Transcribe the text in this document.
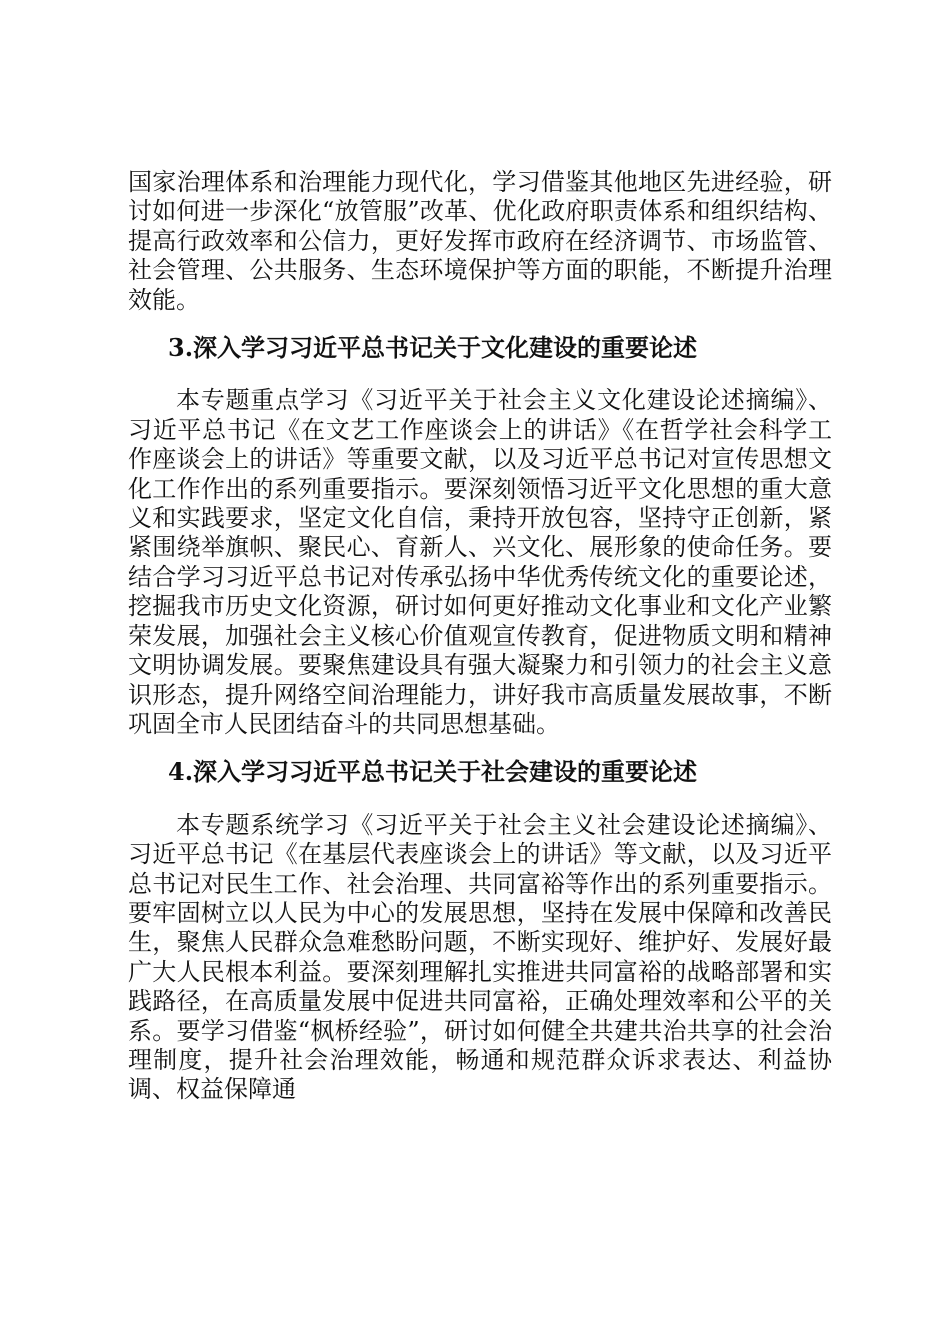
国家治理体系和治理能力现代化，学习借鉴其他地区先进经验，研讨如何进一步深化“放管服”改革、优化政府职责体系和组织结构、提高行政效率和公信力，更好发挥市政府在经济调节、市场监管、社会管理、公共服务、生态环境保护等方面的职能，不断提升治理效能。

3.深入学习习近平总书记关于文化建设的重要论述

本专题重点学习《习近平关于社会主义文化建设论述摘编》、习近平总书记《在文艺工作座谈会上的讲话》《在哲学社会科学工作座谈会上的讲话》等重要文献，以及习近平总书记对宣传思想文化工作作出的系列重要指示。要深刻领悟习近平文化思想的重大意义和实践要求，坚定文化自信，秉持开放包容，坚持守正创新，紧紧围绕举旗帜、聚民心、育新人、兴文化、展形象的使命任务。要结合学习习近平总书记对传承弘扬中华优秀传统文化的重要论述，挖掘我市历史文化资源，研讨如何更好推动文化事业和文化产业繁荣发展，加强社会主义核心价值观宣传教育，促进物质文明和精神文明协调发展。要聚焦建设具有强大凝聚力和引领力的社会主义意识形态，提升网络空间治理能力，讲好我市高质量发展故事，不断巩固全市人民团结奋斗的共同思想基础。

4.深入学习习近平总书记关于社会建设的重要论述

本专题系统学习《习近平关于社会主义社会建设论述摘编》、习近平总书记《在基层代表座谈会上的讲话》等文献，以及习近平总书记对民生工作、社会治理、共同富裕等作出的系列重要指示。要牢固树立以人民为中心的发展思想，坚持在发展中保障和改善民生，聚焦人民群众急难愁盼问题，不断实现好、维护好、发展好最广大人民根本利益。要深刻理解扎实推进共同富裕的战略部署和实践路径，在高质量发展中促进共同富裕，正确处理效率和公平的关系。要学习借鉴“枫桥经验”，研讨如何健全共建共治共享的社会治理制度，提升社会治理效能，畅通和规范群众诉求表达、利益协调、权益保障通
